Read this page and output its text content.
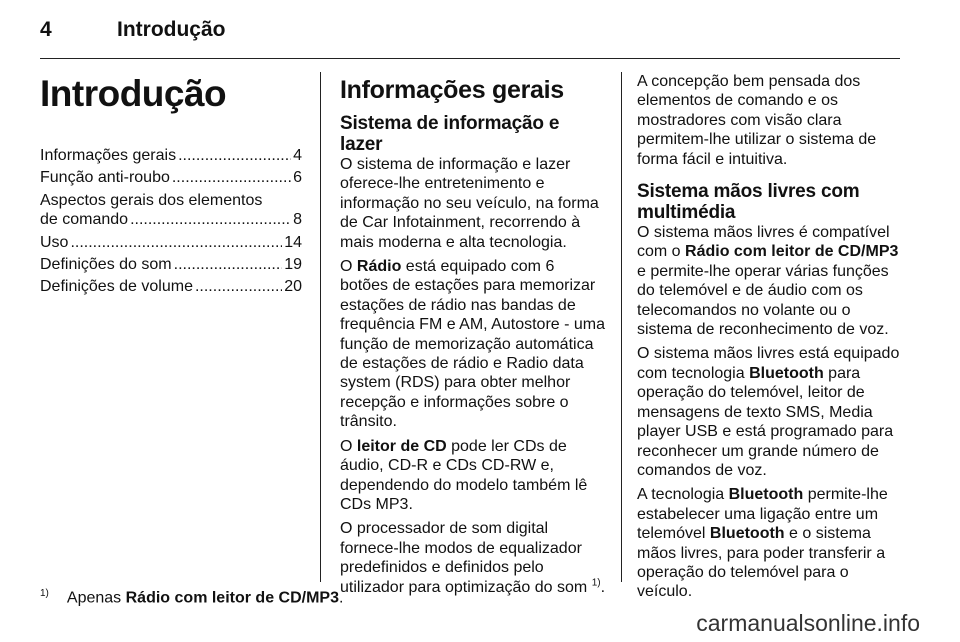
4	Introdução
Introdução
Informações gerais .....	4
Função anti-roubo .....	6
Aspectos gerais dos elementos
de comando .....	8
Uso .....	14
Definições do som .....	19
Definições de volume .....	20
Informações gerais
Sistema de informação e lazer

O sistema de informação e lazer oferece-lhe entretenimento e informação no seu veículo, na forma de Car Infotainment, recorrendo à mais moderna e alta tecnologia.

O Rádio está equipado com 6 botões de estações para memorizar estações de rádio nas bandas de frequência FM e AM, Autostore - uma função de memorização automática de estações de rádio e Radio data system (RDS) para obter melhor recepção e informações sobre o trânsito.

O leitor de CD pode ler CDs de áudio, CD-R e CDs CD-RW e, dependendo do modelo também lê CDs MP3.

O processador de som digital fornece-lhe modos de equalizador predefinidos e definidos pelo utilizador para optimização do som $^{1)}$.

A concepção bem pensada dos elementos de comando e os mostradores com visão clara permitem-lhe utilizar o sistema de forma fácil e intuitiva.

Sistema mãos livres com multimédia

O sistema mãos livres é compatível com o Rádio com leitor de CD/MP3 e permite-lhe operar várias funções do telemóvel e de áudio com os telecomandos no volante ou o sistema de reconhecimento de voz.

O sistema mãos livres está equipado com tecnologia Bluetooth para operação do telemóvel, leitor de mensagens de texto SMS, Media player USB e está programado para reconhecer um grande número de comandos de voz.

A tecnologia Bluetooth permite-lhe estabelecer uma ligação entre um telemóvel Bluetooth e o sistema mãos livres, para poder transferir a operação do telemóvel para o veículo.

$^{1)}$ Apenas Rádio com leitor de CD/MP3.
carmanualsonline.info
